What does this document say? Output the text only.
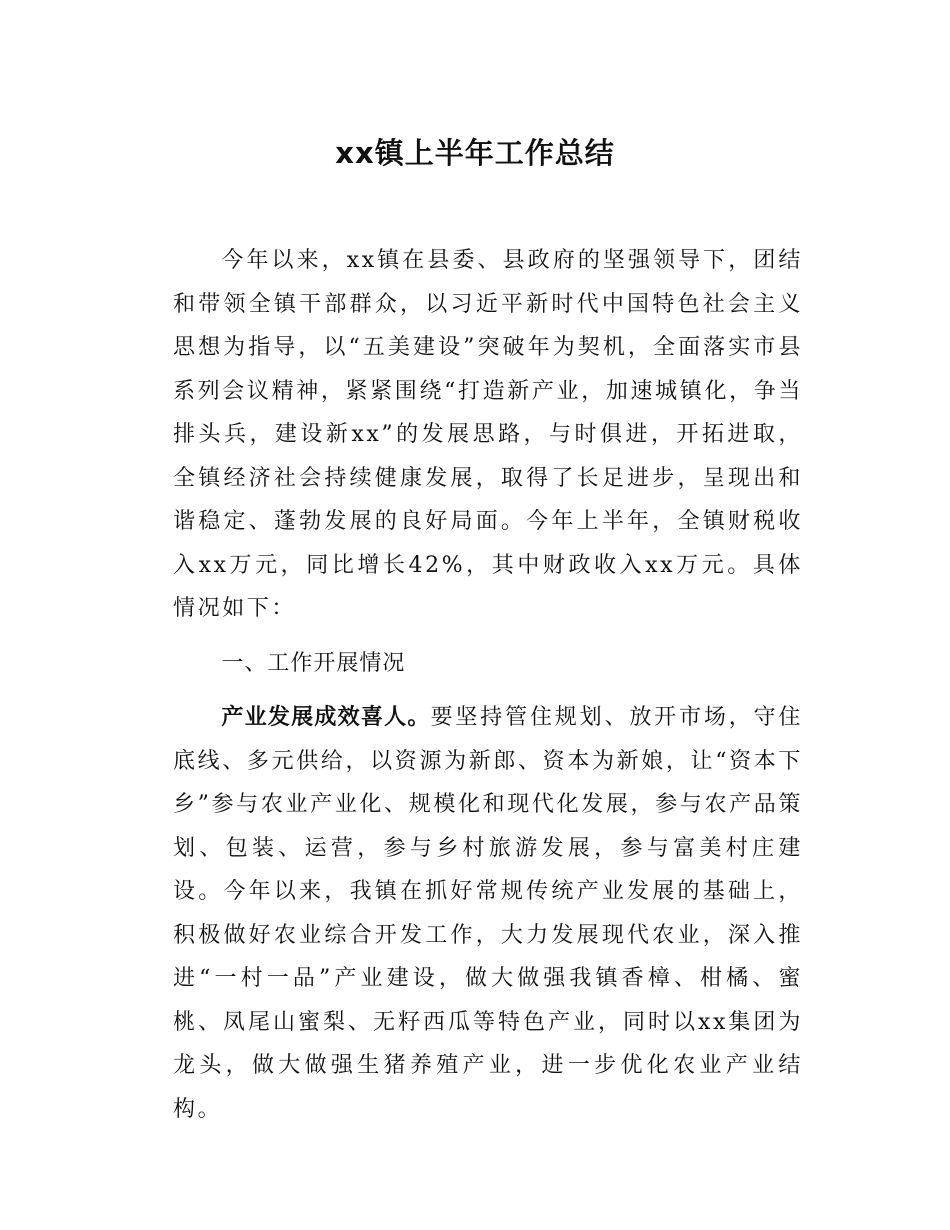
xx镇上半年工作总结

今年以来，xx镇在县委、县政府的坚强领导下，团结和带领全镇干部群众，以习近平新时代中国特色社会主义思想为指导，以“五美建设”突破年为契机，全面落实市县系列会议精神，紧紧围绕“打造新产业，加速城镇化，争当排头兵，建设新xx”的发展思路，与时俱进，开拓进取，全镇经济社会持续健康发展，取得了长足进步，呈现出和谐稳定、蓬勃发展的良好局面。今年上半年，全镇财税收入xx万元，同比增长42%，其中财政收入xx万元。具体情况如下：

一、工作开展情况

产业发展成效喜人。要坚持管住规划、放开市场，守住底线、多元供给，以资源为新郎、资本为新娘，让“资本下乡”参与农业产业化、规模化和现代化发展，参与农产品策划、包装、运营，参与乡村旅游发展，参与富美村庄建设。今年以来，我镇在抓好常规传统产业发展的基础上，积极做好农业综合开发工作，大力发展现代农业，深入推进“一村一品”产业建设，做大做强我镇香樟、柑橘、蜜桃、凤尾山蜜梨、无籽西瓜等特色产业，同时以xx集团为龙头，做大做强生猪养殖产业，进一步优化农业产业结构。
